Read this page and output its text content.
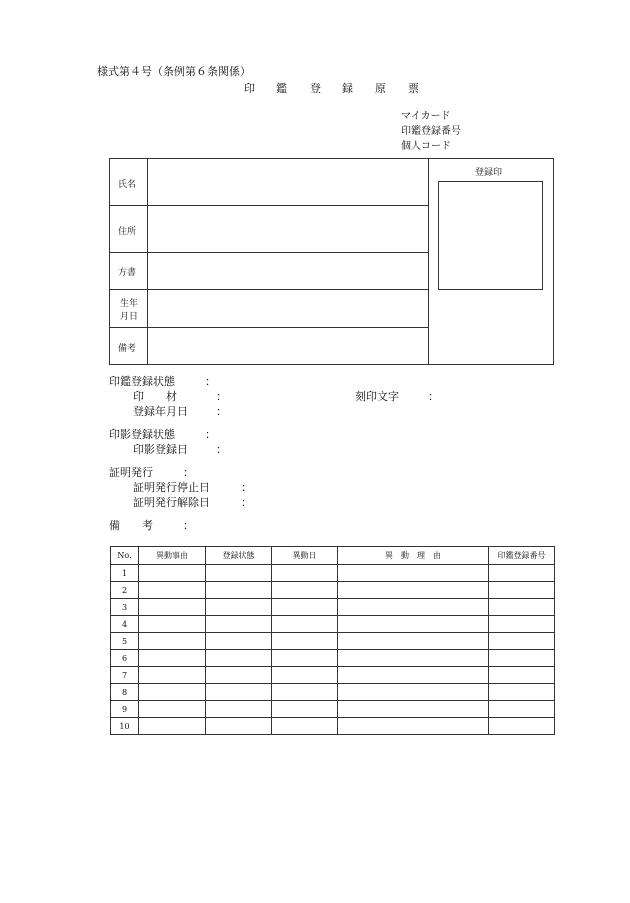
様式第４号（条例第６条関係）
印 鑑 登 録 原 票
マイカード
印鑑登録番号
個人コード
氏名
住所
方書
生年
月日
備考
登録印
印鑑登録状態	：
印　　材	：	刻印文字	：
登録年月日	：
印影登録状態	：
印影登録日	：
証明発行	：
証明発行停止日	：
証明発行解除日	：
備　　考	：
No.	異動事由	登録状態	異動日	異　動　理　由	印鑑登録番号
1					
2					
3					
4					
5					
6					
7					
8					
9					
10					
